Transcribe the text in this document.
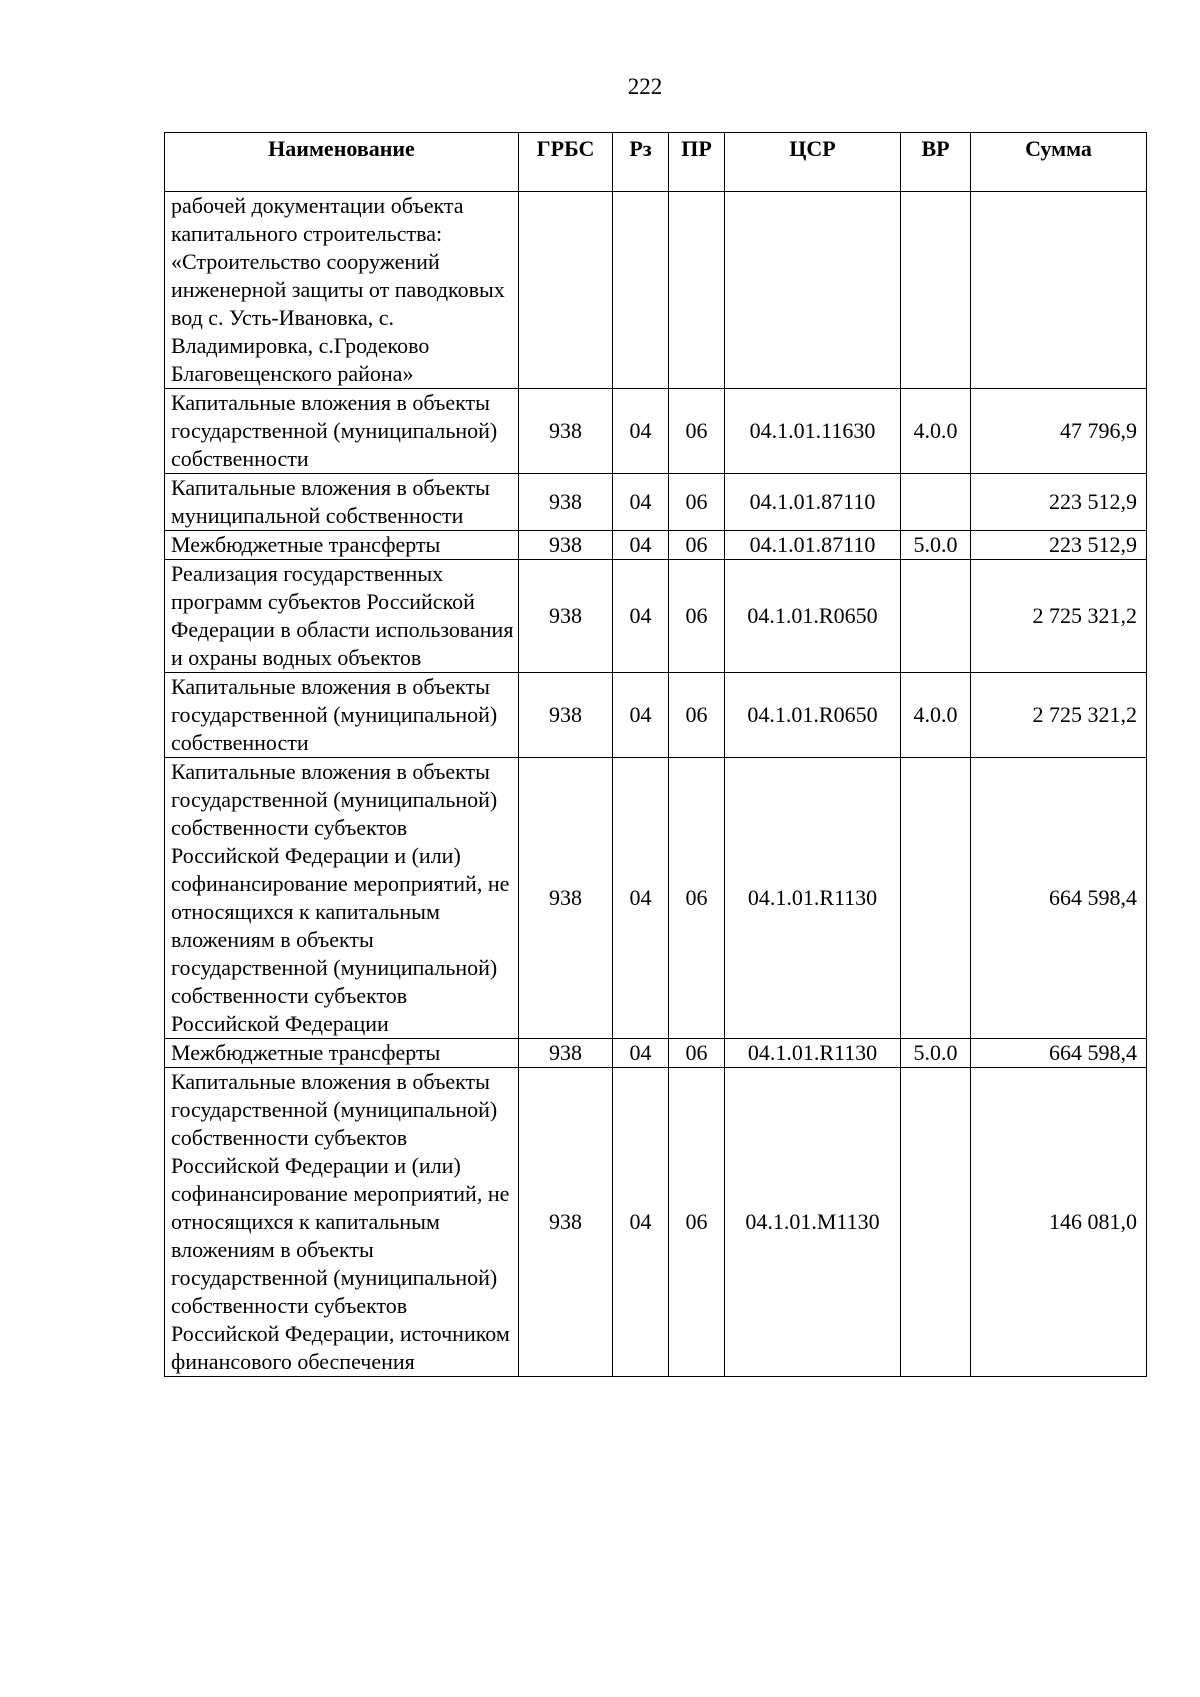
222
Наименование	ГРБС	Рз	ПР	ЦСР	ВР	Сумма
рабочей документации объекта капитального строительства: «Строительство сооружений инженерной защиты от паводковых вод с. Усть-Ивановка, с. Владимировка, с.Гродеково Благовещенского района»						
Капитальные вложения в объекты государственной (муниципальной) собственности	938	04	06	04.1.01.11630	4.0.0	47 796,9
Капитальные вложения в объекты муниципальной собственности	938	04	06	04.1.01.87110		223 512,9
Межбюджетные трансферты	938	04	06	04.1.01.87110	5.0.0	223 512,9
Реализация государственных программ субъектов Российской Федерации в области использования и охраны водных объектов	938	04	06	04.1.01.R0650		2 725 321,2
Капитальные вложения в объекты государственной (муниципальной) собственности	938	04	06	04.1.01.R0650	4.0.0	2 725 321,2
Капитальные вложения в объекты государственной (муниципальной) собственности субъектов Российской Федерации и (или) софинансирование мероприятий, не относящихся к капитальным вложениям в объекты государственной (муниципальной) собственности субъектов Российской Федерации	938	04	06	04.1.01.R1130		664 598,4
Межбюджетные трансферты	938	04	06	04.1.01.R1130	5.0.0	664 598,4
Капитальные вложения в объекты государственной (муниципальной) собственности субъектов Российской Федерации и (или) софинансирование мероприятий, не относящихся к капитальным вложениям в объекты государственной (муниципальной) собственности субъектов Российской Федерации, источником финансового обеспечения	938	04	06	04.1.01.M1130		146 081,0
